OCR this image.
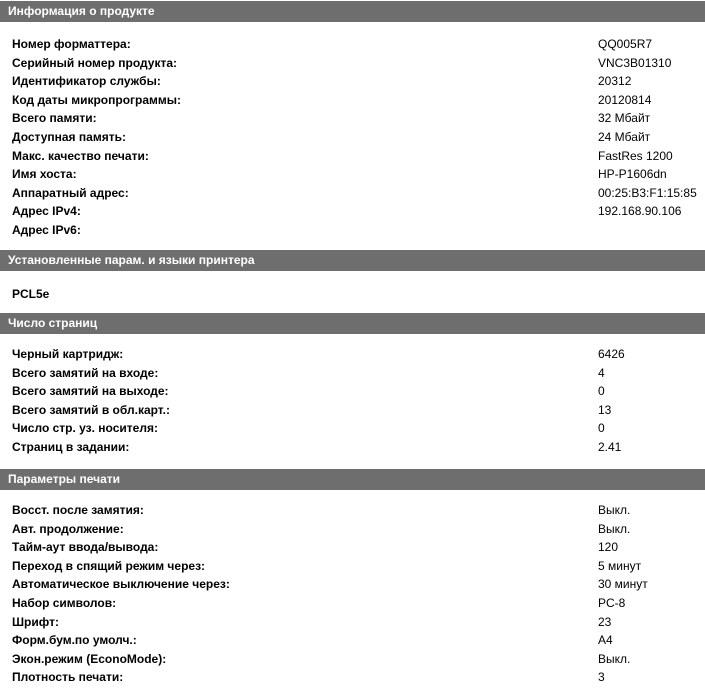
Информация о продукте
Номер форматтера:	QQ005R7
Серийный номер продукта:	VNC3B01310
Идентификатор службы:	20312
Код даты микропрограммы:	20120814
Всего памяти:	32 Мбайт
Доступная память:	24 Мбайт
Макс. качество печати:	FastRes 1200
Имя хоста:	HP-P1606dn
Аппаратный адрес:	00:25:B3:F1:15:85
Адрес IPv4:	192.168.90.106
Адрес IPv6:
Установленные парам. и языки принтера
PCL5e
Число страниц
Черный картридж:	6426
Всего замятий на входе:	4
Всего замятий на выходе:	0
Всего замятий в обл.карт.:	13
Число стр. уз. носителя:	0
Страниц в задании:	2.41
Параметры печати
Восст. после замятия:	Выкл.
Авт. продолжение:	Выкл.
Тайм-аут ввода/вывода:	120
Переход в спящий режим через:	5 минут
Автоматическое выключение через:	30 минут
Набор символов:	PC-8
Шрифт:	23
Форм.бум.по умолч.:	A4
Экон.режим (EconoMode):	Выкл.
Плотность печати:	3
